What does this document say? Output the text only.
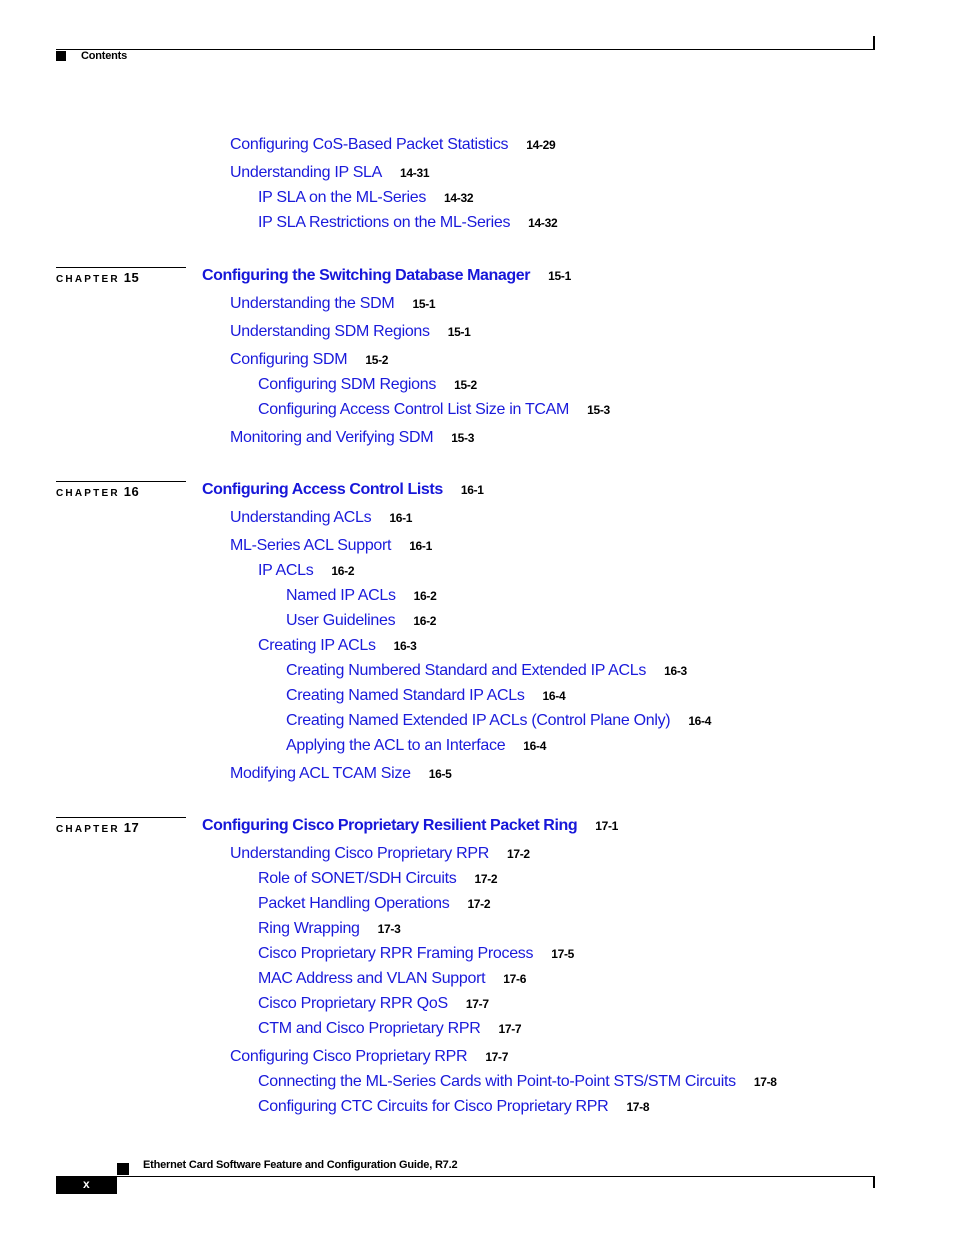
Contents
Configuring CoS-Based Packet Statistics 14-29
Understanding IP SLA 14-31
IP SLA on the ML-Series 14-32
IP SLA Restrictions on the ML-Series 14-32
CHAPTER 15	Configuring the Switching Database Manager 15-1
Understanding the SDM 15-1
Understanding SDM Regions 15-1
Configuring SDM 15-2
Configuring SDM Regions 15-2
Configuring Access Control List Size in TCAM 15-3
Monitoring and Verifying SDM 15-3
CHAPTER 16	Configuring Access Control Lists 16-1
Understanding ACLs 16-1
ML-Series ACL Support 16-1
IP ACLs 16-2
Named IP ACLs 16-2
User Guidelines 16-2
Creating IP ACLs 16-3
Creating Numbered Standard and Extended IP ACLs 16-3
Creating Named Standard IP ACLs 16-4
Creating Named Extended IP ACLs (Control Plane Only) 16-4
Applying the ACL to an Interface 16-4
Modifying ACL TCAM Size 16-5
CHAPTER 17	Configuring Cisco Proprietary Resilient Packet Ring 17-1
Understanding Cisco Proprietary RPR 17-2
Role of SONET/SDH Circuits 17-2
Packet Handling Operations 17-2
Ring Wrapping 17-3
Cisco Proprietary RPR Framing Process 17-5
MAC Address and VLAN Support 17-6
Cisco Proprietary RPR QoS 17-7
CTM and Cisco Proprietary RPR 17-7
Configuring Cisco Proprietary RPR 17-7
Connecting the ML-Series Cards with Point-to-Point STS/STM Circuits 17-8
Configuring CTC Circuits for Cisco Proprietary RPR 17-8
Ethernet Card Software Feature and Configuration Guide, R7.2
x
